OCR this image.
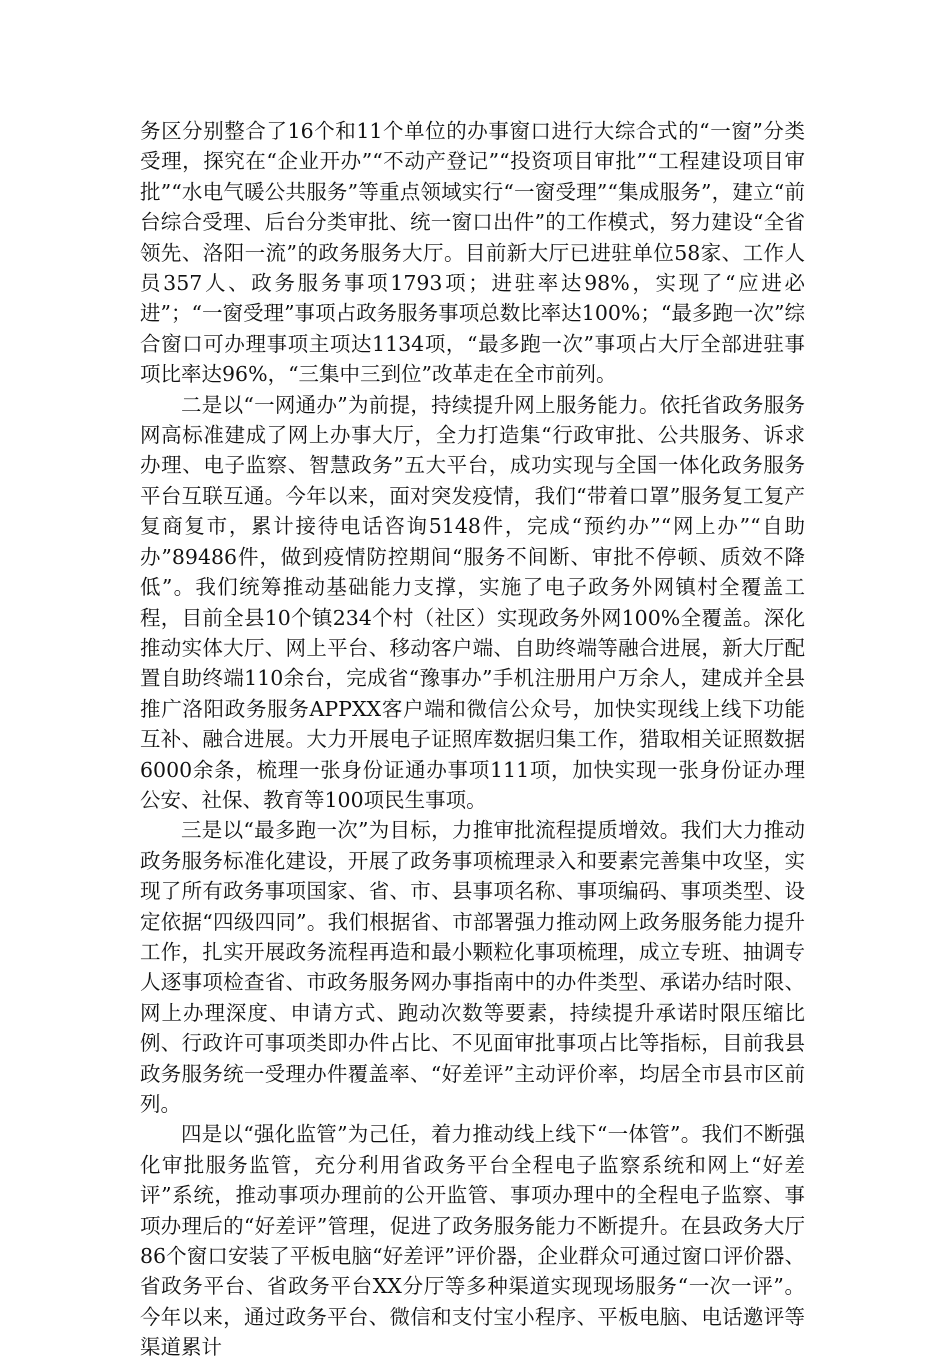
务区分别整合了16个和11个单位的办事窗口进行大综合式的“一窗”分类受理，探究在“企业开办”“不动产登记”“投资项目审批”“工程建设项目审批”“水电气暖公共服务”等重点领域实行“一窗受理”“集成服务”，建立“前台综合受理、后台分类审批、统一窗口出件”的工作模式，努力建设“全省领先、洛阳一流”的政务服务大厅。目前新大厅已进驻单位58家、工作人员357人、政务服务事项1793项；进驻率达98%，实现了“应进必进”；“一窗受理”事项占政务服务事项总数比率达100%；“最多跑一次”综合窗口可办理事项主项达1134项，“最多跑一次”事项占大厅全部进驻事项比率达96%，“三集中三到位”改革走在全市前列。

二是以“一网通办”为前提，持续提升网上服务能力。依托省政务服务网高标准建成了网上办事大厅，全力打造集“行政审批、公共服务、诉求办理、电子监察、智慧政务”五大平台，成功实现与全国一体化政务服务平台互联互通。今年以来，面对突发疫情，我们“带着口罩”服务复工复产复商复市，累计接待电话咨询5148件，完成“预约办”“网上办”“自助办”89486件，做到疫情防控期间“服务不间断、审批不停顿、质效不降低”。我们统筹推动基础能力支撑，实施了电子政务外网镇村全覆盖工程，目前全县10个镇234个村（社区）实现政务外网100%全覆盖。深化推动实体大厅、网上平台、移动客户端、自助终端等融合进展，新大厅配置自助终端110余台，完成省“豫事办”手机注册用户万余人，建成并全县推广洛阳政务服务APPXX客户端和微信公众号，加快实现线上线下功能互补、融合进展。大力开展电子证照库数据归集工作，猎取相关证照数据6000余条，梳理一张身份证通办事项111项，加快实现一张身份证办理公安、社保、教育等100项民生事项。

三是以“最多跑一次”为目标，力推审批流程提质增效。我们大力推动政务服务标准化建设，开展了政务事项梳理录入和要素完善集中攻坚，实现了所有政务事项国家、省、市、县事项名称、事项编码、事项类型、设定依据“四级四同”。我们根据省、市部署强力推动网上政务服务能力提升工作，扎实开展政务流程再造和最小颗粒化事项梳理，成立专班、抽调专人逐事项检查省、市政务服务网办事指南中的办件类型、承诺办结时限、网上办理深度、申请方式、跑动次数等要素，持续提升承诺时限压缩比例、行政许可事项类即办件占比、不见面审批事项占比等指标，目前我县政务服务统一受理办件覆盖率、“好差评”主动评价率，均居全市县市区前列。

四是以“强化监管”为己任，着力推动线上线下“一体管”。我们不断强化审批服务监管，充分利用省政务平台全程电子监察系统和网上“好差评”系统，推动事项办理前的公开监管、事项办理中的全程电子监察、事项办理后的“好差评”管理，促进了政务服务能力不断提升。在县政务大厅86个窗口安装了平板电脑“好差评”评价器，企业群众可通过窗口评价器、省政务平台、省政务平台XX分厅等多种渠道实现现场服务“一次一评”。今年以来，通过政务平台、微信和支付宝小程序、平板电脑、电话邀评等渠道累计
